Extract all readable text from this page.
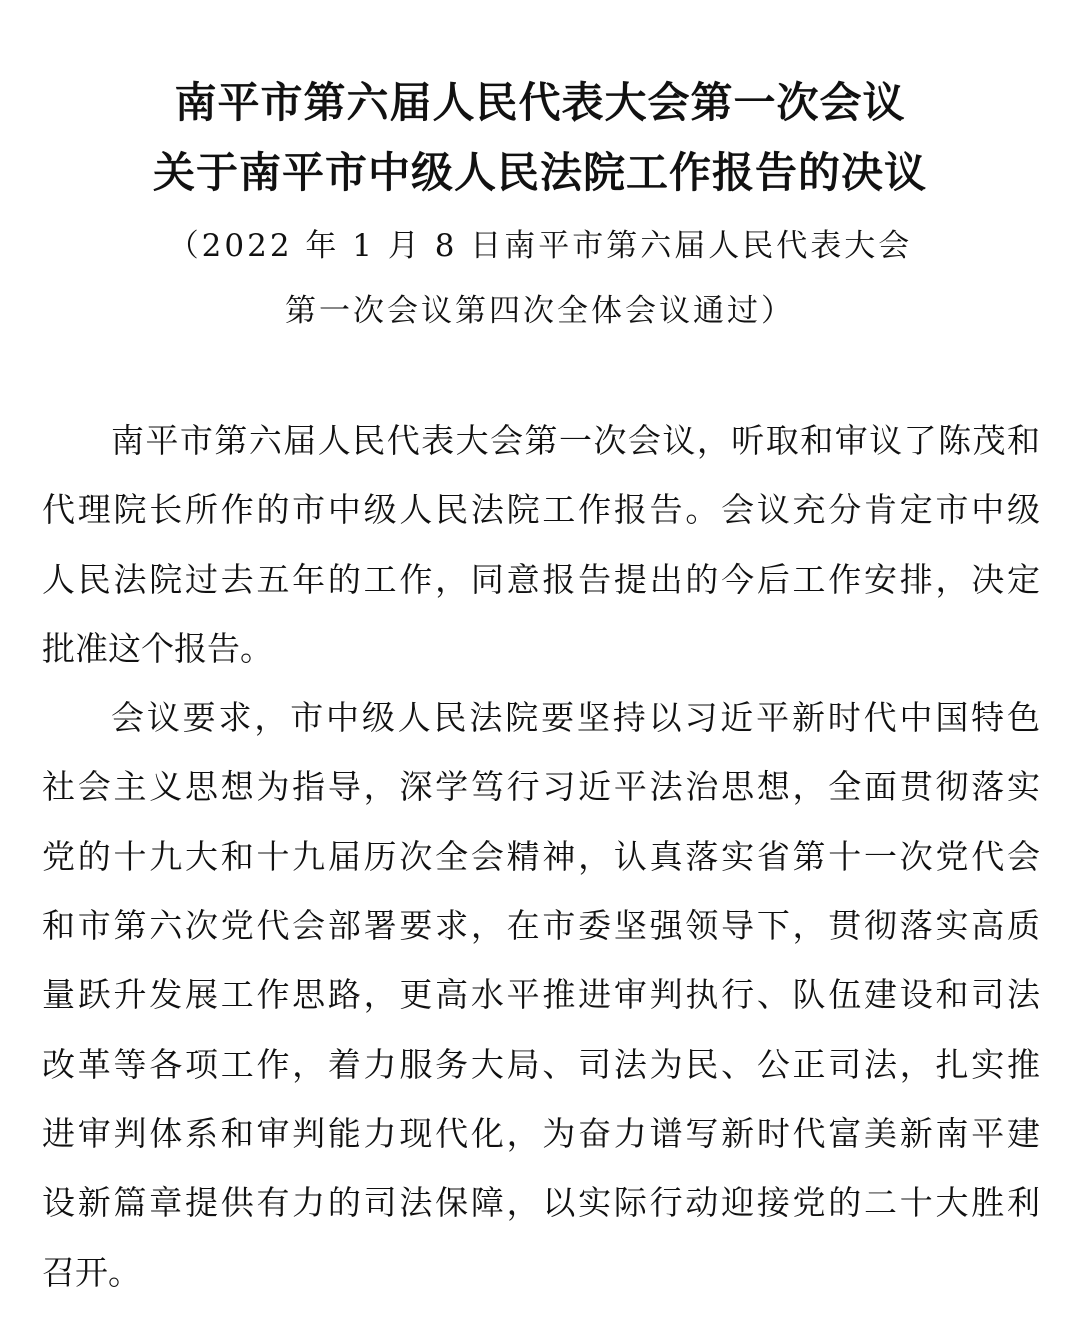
南平市第六届人民代表大会第一次会议
关于南平市中级人民法院工作报告的决议
（2022 年 1 月 8 日南平市第六届人民代表大会
第一次会议第四次全体会议通过）
南平市第六届人民代表大会第一次会议，听取和审议了陈茂和
代理院长所作的市中级人民法院工作报告。会议充分肯定市中级
人民法院过去五年的工作，同意报告提出的今后工作安排，决定
批准这个报告。
会议要求，市中级人民法院要坚持以习近平新时代中国特色
社会主义思想为指导，深学笃行习近平法治思想，全面贯彻落实
党的十九大和十九届历次全会精神，认真落实省第十一次党代会
和市第六次党代会部署要求，在市委坚强领导下，贯彻落实高质
量跃升发展工作思路，更高水平推进审判执行、队伍建设和司法
改革等各项工作，着力服务大局、司法为民、公正司法，扎实推
进审判体系和审判能力现代化，为奋力谱写新时代富美新南平建
设新篇章提供有力的司法保障，以实际行动迎接党的二十大胜利
召开。
